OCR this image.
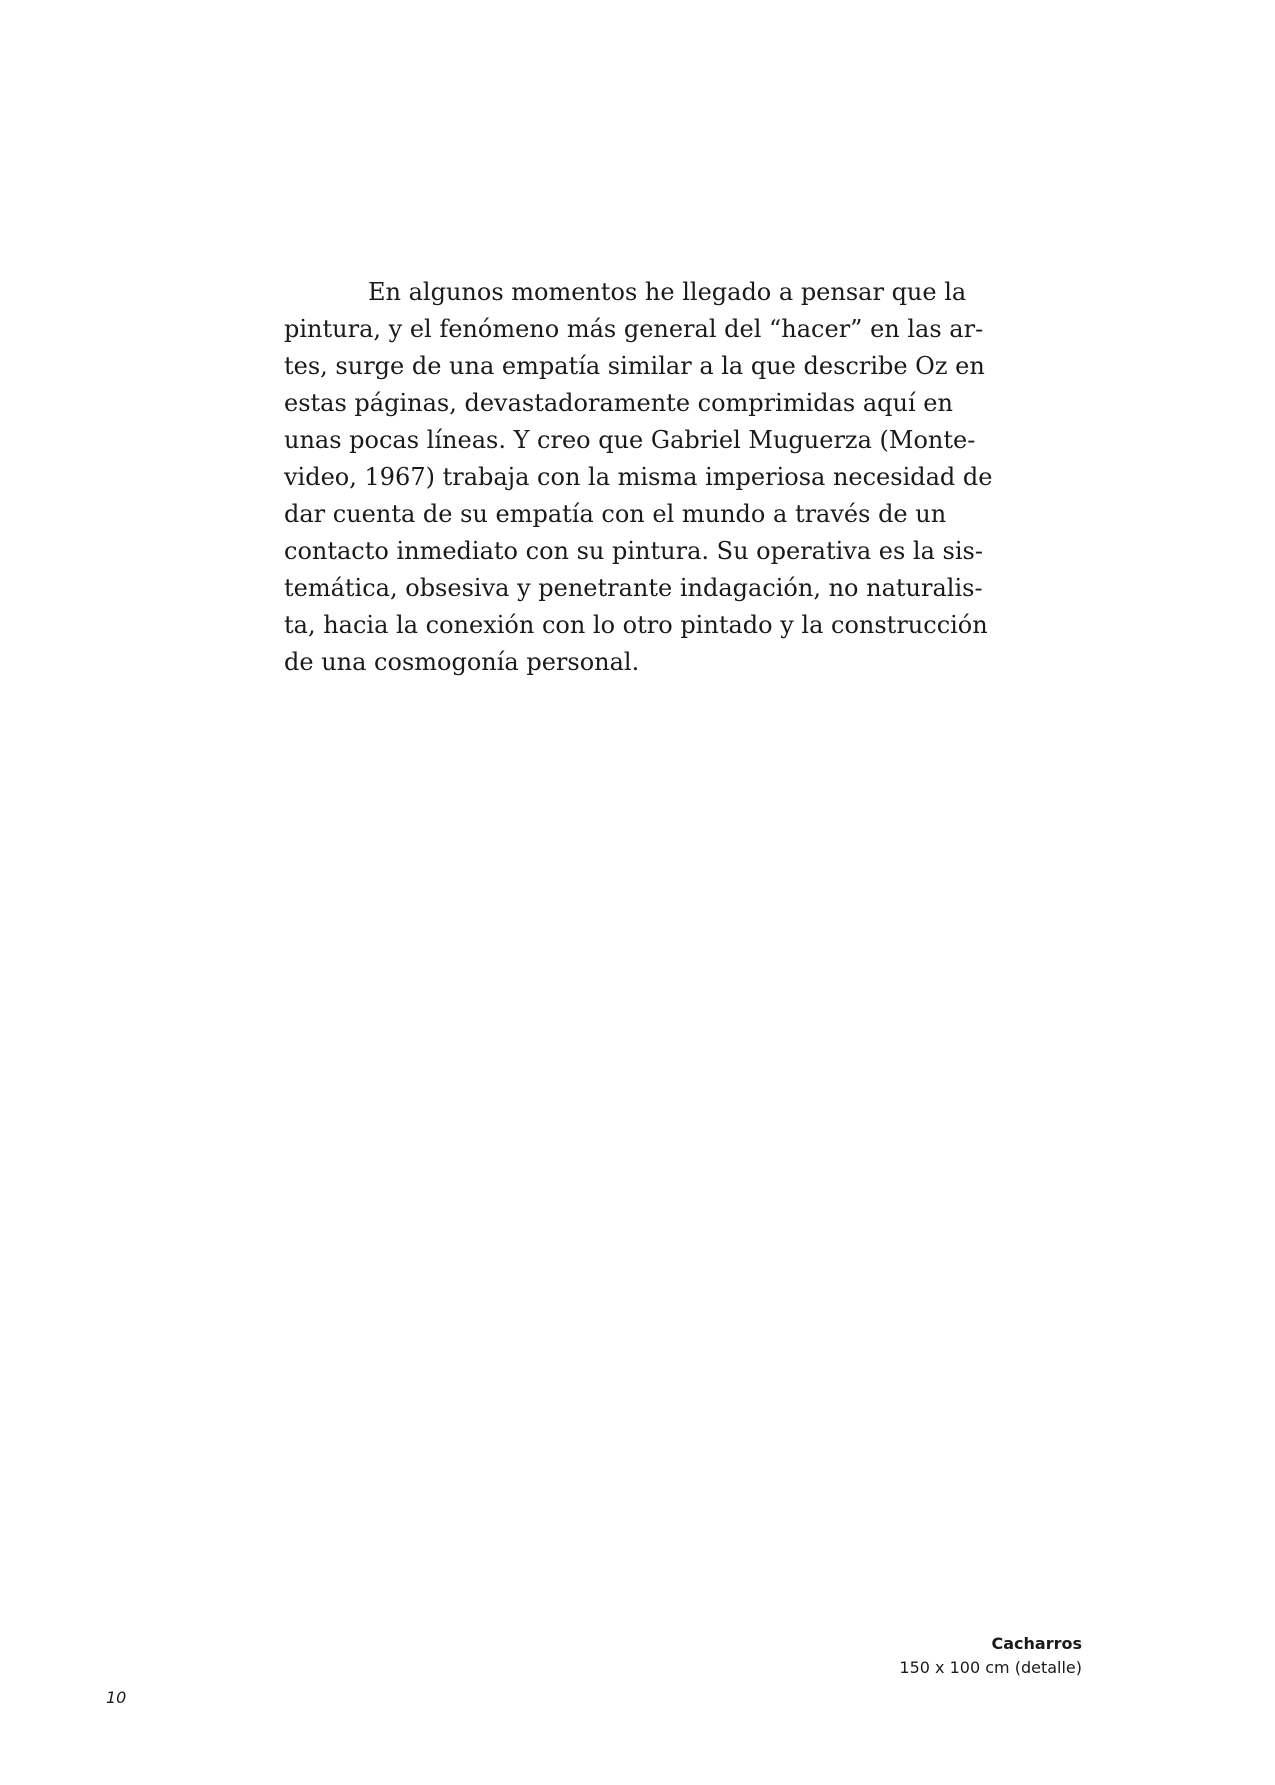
En algunos momentos he llegado a pensar que la
pintura, y el fenómeno más general del “hacer” en las ar-
tes, surge de una empatía similar a la que describe Oz en
estas páginas, devastadoramente comprimidas aquí en
unas pocas líneas. Y creo que Gabriel Muguerza (Monte-
video, 1967) trabaja con la misma imperiosa necesidad de
dar cuenta de su empatía con el mundo a través de un
contacto inmediato con su pintura. Su operativa es la sis-
temática, obsesiva y penetrante indagación, no naturalis-
ta, hacia la conexión con lo otro pintado y la construcción
de una cosmogonía personal.

Cacharros
150 x 100 cm (detalle)
10
